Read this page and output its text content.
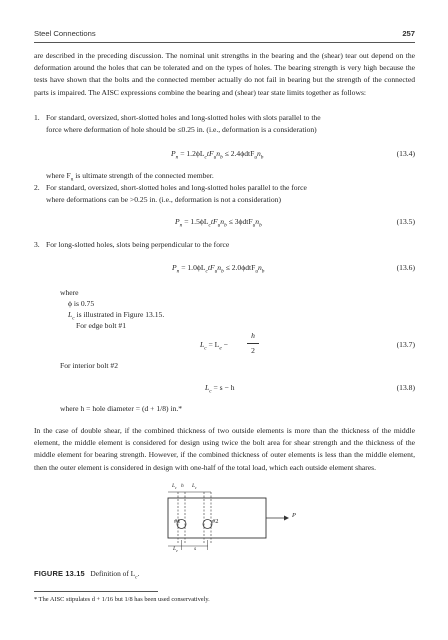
Steel Connections	257

are described in the preceding discussion. The nominal unit strengths in the bearing and the (shear) tear out depend on the deformation around the holes that can be tolerated and on the types of holes. The bearing strength is very high because the tests have shown that the bolts and the connected member actually do not fail in bearing but the strength of the connected parts is impaired. The AISC expressions combine the bearing and (shear) tear state limits together as follows:

1. For standard, oversized, short-slotted holes and long-slotted holes with slots parallel to the
force where deformation of hole should be ≤0.25 in. (i.e., deformation is a consideration)
$P_n = 1.2\phi L_ctF_un_b \le 2.4\phi dtF_un_b$	(13.4)
where $F_u$ is ultimate strength of the connected member.
2. For standard, oversized, short-slotted holes and long-slotted holes parallel to the force
where deformations can be >0.25 in. (i.e., deformation is not a consideration)
$P_n = 1.5\phi L_ctF_un_b \le 3\phi dtF_un_b$	(13.5)
3. For long-slotted holes, slots being perpendicular to the force
$P_n = 1.0\phi L_ctF_un_b \le 2.0\phi dtF_un_b$	(13.6)
where
ϕ is 0.75
$L_c$ is illustrated in Figure 13.15.
For edge bolt #1
$L_c = L_e$ −
h
2
(13.7)
For interior bolt #2
$L_c = s - h$	(13.8)
where h = hole diameter = (d + 1/8) in.*

In the case of double shear, if the combined thickness of two outside elements is more than the thickness of the middle element, the middle element is considered for design using twice the bolt area for shear strength and the thickness of the middle element for bearing strength. However, if the combined thickness of outer elements is less than the middle element, then the outer element is considered in design with one-half of the total load, which each outside element shares.

$L_c$ h $L_c$
#1	#2
P
$L_e$	s
FIGURE 13.15 Definition of $L_c$.
* The AISC stipulates d + 1/16 but 1/8 has been used conservatively.
